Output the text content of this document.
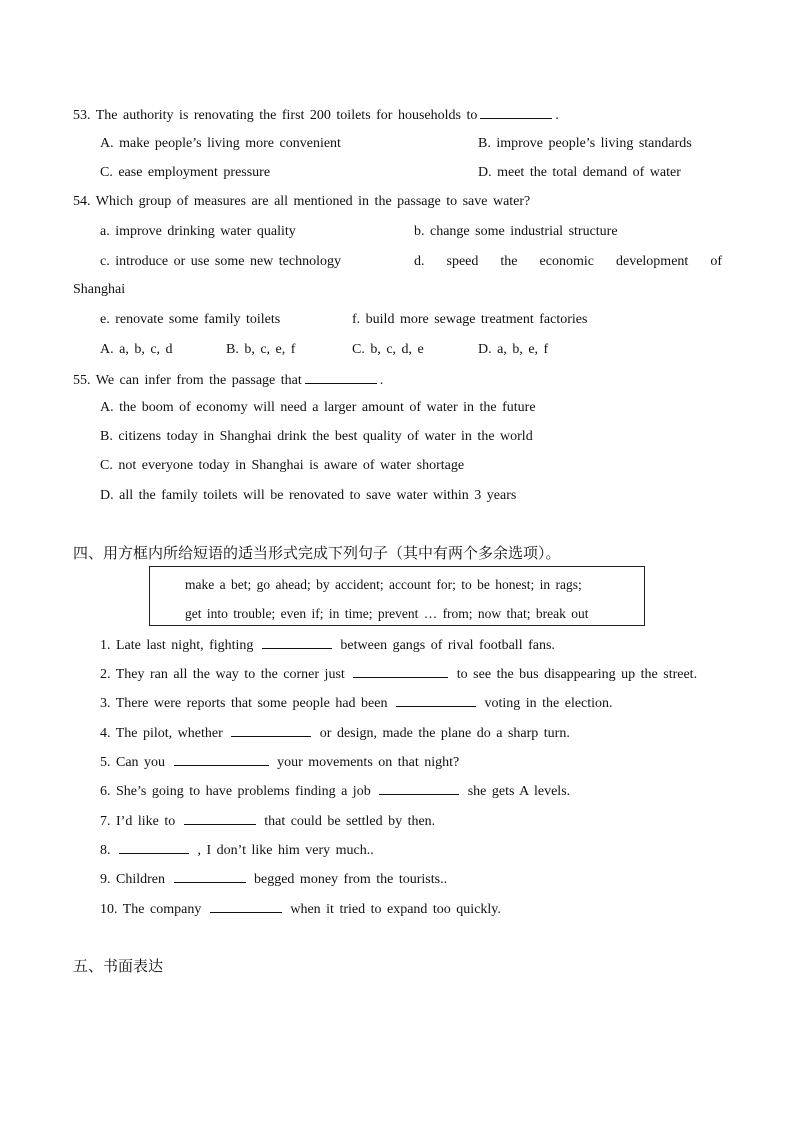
53. The authority is renovating the first 200 toilets for households to	.
A. make people’s living more convenient	B. improve people’s living standards
C. ease employment pressure	D. meet the total demand of water
54. Which group of measures are all mentioned in the passage to save water?
a. improve drinking water quality	b. change some industrial structure
c. introduce or use some new technology	d. speed the economic development of
Shanghai
e. renovate some family toilets	f. build more sewage treatment factories
A. a, b, c, d	B. b, c, e, f	C. b, c, d, e	D. a, b, e, f
55. We can infer from the passage that	.
A. the boom of economy will need a larger amount of water in the future
B. citizens today in Shanghai drink the best quality of water in the world
C. not everyone today in Shanghai is aware of water shortage
D. all the family toilets will be renovated to save water within 3 years
四、用方框内所给短语的适当形式完成下列句子（其中有两个多余选项）。
make a bet; go ahead; by accident; account for; to be honest; in rags;
get into trouble; even if; in time; prevent … from; now that; break out
1. Late last night, fighting	between gangs of rival football fans.
2. They ran all the way to the corner just	to see the bus disappearing up the street.
3. There were reports that some people had been	voting in the election.
4. The pilot, whether	or design, made the plane do a sharp turn.
5. Can you	your movements on that night?
6. She’s going to have problems finding a job	she gets A levels.
7. I’d like to	that could be settled by then.
8.	, I don’t like him very much..
9. Children	begged money from the tourists..
10. The company	when it tried to expand too quickly.
五、书面表达
